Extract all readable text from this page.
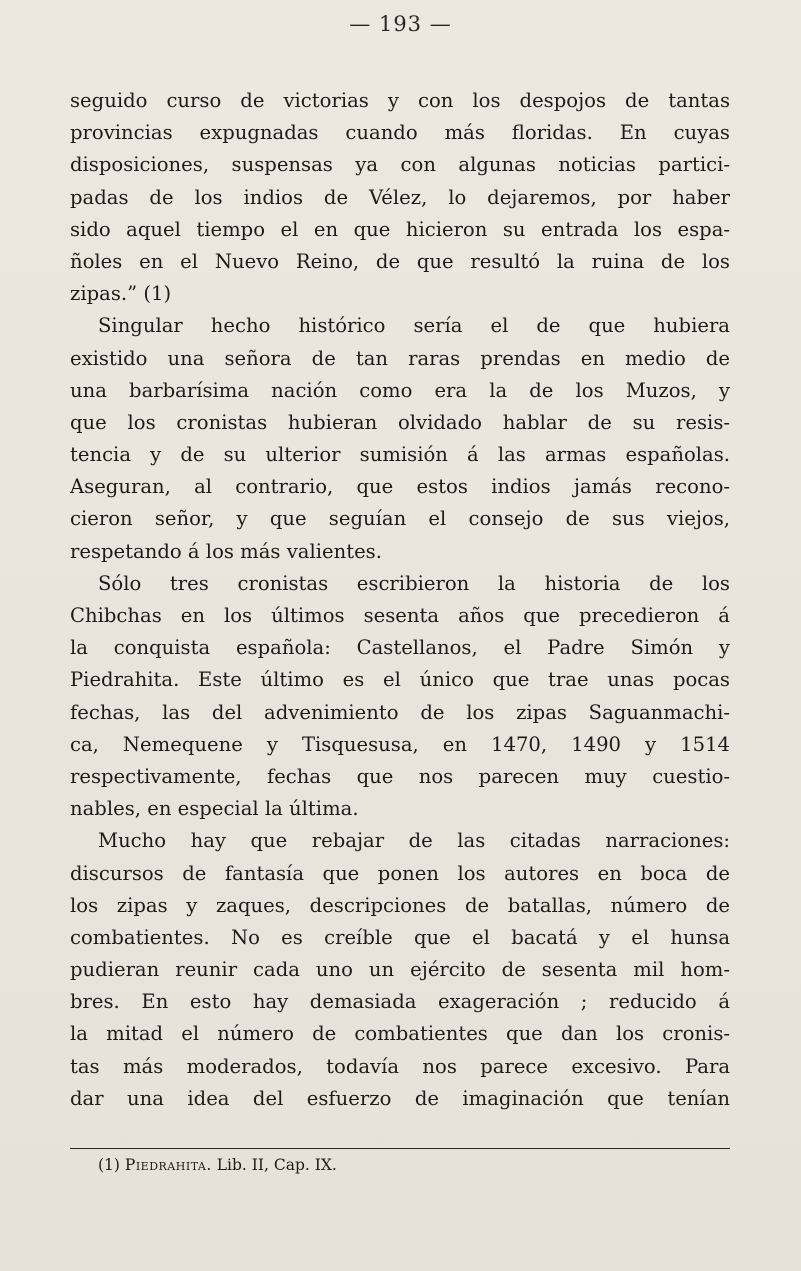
— 193 —
seguido curso de victorias y con los despojos de tantas
provincias expugnadas cuando más floridas. En cuyas
disposiciones, suspensas ya con algunas noticias partici-
padas de los indios de Vélez, lo dejaremos, por haber
sido aquel tiempo el en que hicieron su entrada los espa-
ñoles en el Nuevo Reino, de que resultó la ruina de los
zipas.” (1)
Singular hecho histórico sería el de que hubiera
existido una señora de tan raras prendas en medio de
una barbarísima nación como era la de los Muzos, y
que los cronistas hubieran olvidado hablar de su resis-
tencia y de su ulterior sumisión á las armas españolas.
Aseguran, al contrario, que estos indios jamás recono-
cieron señor, y que seguían el consejo de sus viejos,
respetando á los más valientes.
Sólo tres cronistas escribieron la historia de los
Chibchas en los últimos sesenta años que precedieron á
la conquista española: Castellanos, el Padre Simón y
Piedrahita. Este último es el único que trae unas pocas
fechas, las del advenimiento de los zipas Saguanmachi-
ca, Nemequene y Tisquesusa, en 1470, 1490 y 1514
respectivamente, fechas que nos parecen muy cuestio-
nables, en especial la última.
Mucho hay que rebajar de las citadas narraciones:
discursos de fantasía que ponen los autores en boca de
los zipas y zaques, descripciones de batallas, número de
combatientes. No es creíble que el bacatá y el hunsa
pudieran reunir cada uno un ejército de sesenta mil hom-
bres. En esto hay demasiada exageración ; reducido á
la mitad el número de combatientes que dan los cronis-
tas más moderados, todavía nos parece excesivo. Para
dar una idea del esfuerzo de imaginación que tenían
(1) Piedrahita. Lib. II, Cap. IX.
